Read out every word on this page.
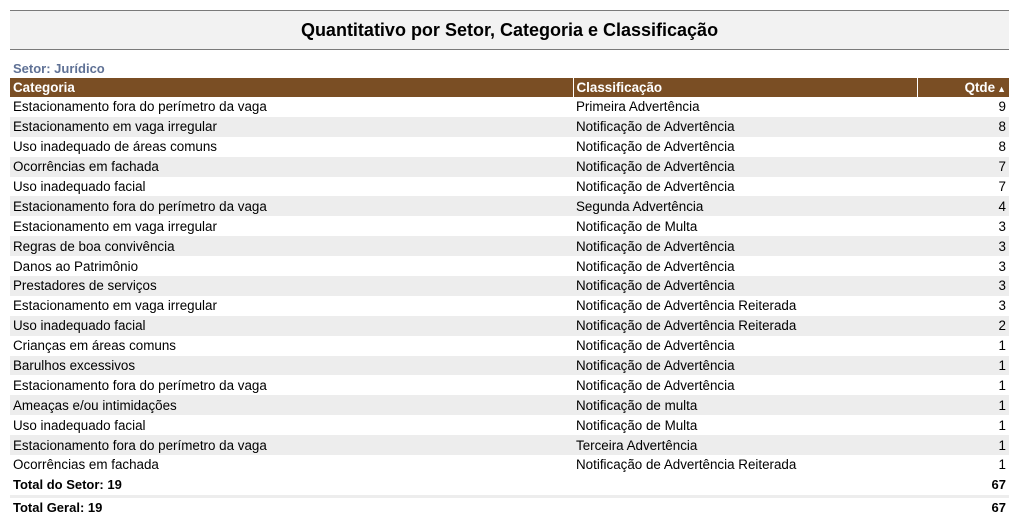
Quantitativo por Setor, Categoria e Classificação
Setor: Jurídico
Categoria	Classificação	Qtde ▲
Estacionamento fora do perímetro da vaga	Primeira Advertência	9
Estacionamento em vaga irregular	Notificação de Advertência	8
Uso inadequado de áreas comuns	Notificação de Advertência	8
Ocorrências em fachada	Notificação de Advertência	7
Uso inadequado facial	Notificação de Advertência	7
Estacionamento fora do perímetro da vaga	Segunda Advertência	4
Estacionamento em vaga irregular	Notificação de Multa	3
Regras de boa convivência	Notificação de Advertência	3
Danos ao Patrimônio	Notificação de Advertência	3
Prestadores de serviços	Notificação de Advertência	3
Estacionamento em vaga irregular	Notificação de Advertência Reiterada	3
Uso inadequado facial	Notificação de Advertência Reiterada	2
Crianças em áreas comuns	Notificação de Advertência	1
Barulhos excessivos	Notificação de Advertência	1
Estacionamento fora do perímetro da vaga	Notificação de Advertência	1
Ameaças e/ou intimidações	Notificação de multa	1
Uso inadequado facial	Notificação de Multa	1
Estacionamento fora do perímetro da vaga	Terceira Advertência	1
Ocorrências em fachada	Notificação de Advertência Reiterada	1
Total do Setor: 19		67

Total Geral: 19		67
